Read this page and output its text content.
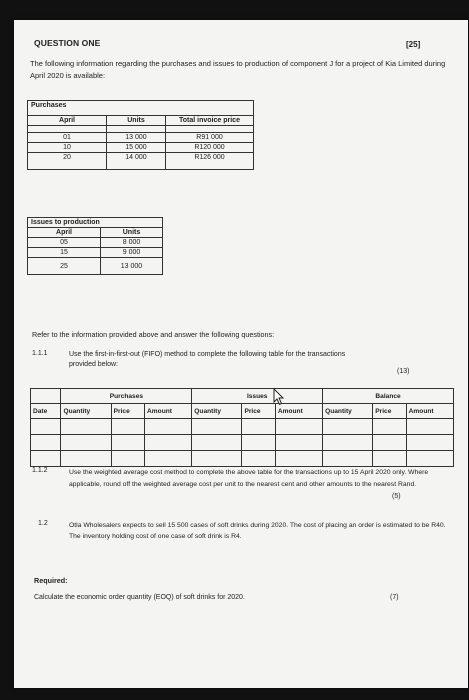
QUESTION ONE	[25]
The following information regarding the purchases and issues to production of component J for a project of Kia Limited during April 2020 is available:
Purchases		
April	Units	Total invoice price

01	13 000	R91 000
10	15 000	R120 000
20	14 000	R126 000
Issues to production	
April	Units
05	8 000
15	9 000
25	13 000
Refer to the information provided above and answer the following questions:
1.1.1	Use the first-in-first-out (FIFO) method to complete the following table for the transactions provided below:
(13)
	Purchases			Issues			Balance		
Date	Quantity	Price	Amount	Quantity	Price	Amount	Quantity	Price	Amount

1.1.2	Use the weighted average cost method to complete the above table for the transactions up to 15 April 2020 only. Where applicable, round off the weighted average cost per unit to the nearest cent and other amounts to the nearest Rand.
(5)
1.2	Otla Wholesalers expects to sell 15 500 cases of soft drinks during 2020. The cost of placing an order is estimated to be R40. The inventory holding cost of one case of soft drink is R4.
Required:
Calculate the economic order quantity (EOQ) of soft drinks for 2020.	(7)
